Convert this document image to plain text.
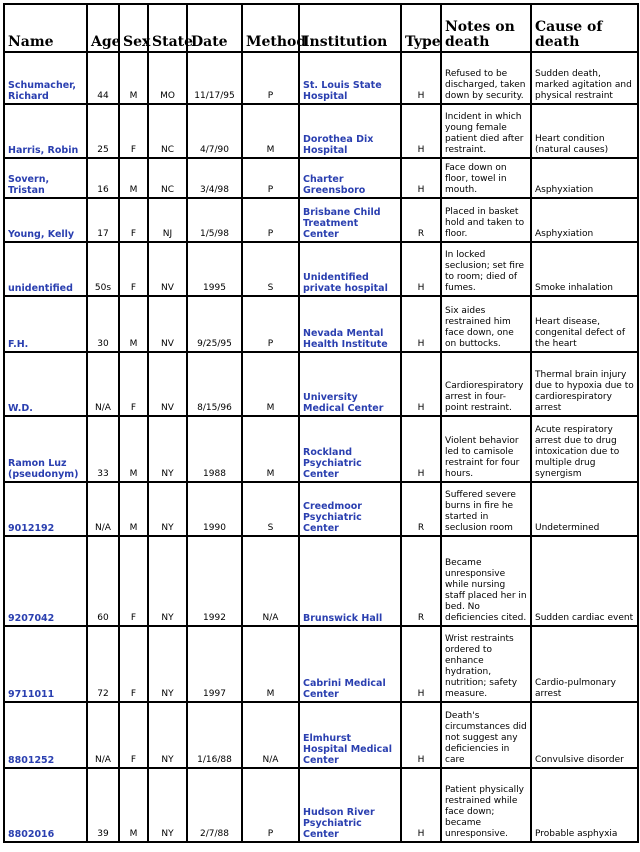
Name	Age	Sex	State	Date	Method	Institution	Type	Notes on death	Cause of death
Schumacher, Richard	44	M	MO	11/17/95	P	St. Louis State Hospital	H	Refused to be discharged, taken down by security.	Sudden death, marked agitation and physical restraint
Harris, Robin	25	F	NC	4/7/90	M	Dorothea Dix Hospital	H	Incident in which young female patient died after restraint.	Heart condition (natural causes)
Sovern, Tristan	16	M	NC	3/4/98	P	Charter Greensboro	H	Face down on floor, towel in mouth.	Asphyxiation
Young, Kelly	17	F	NJ	1/5/98	P	Brisbane Child Treatment Center	R	Placed in basket hold and taken to floor.	Asphyxiation
unidentified	50s	F	NV	1995	S	Unidentified private hospital	H	In locked seclusion; set fire to room; died of fumes.	Smoke inhalation
F.H.	30	M	NV	9/25/95	P	Nevada Mental Health Institute	H	Six aides restrained him face down, one on buttocks.	Heart disease, congenital defect of the heart
W.D.	N/A	F	NV	8/15/96	M	University Medical Center	H	Cardiorespiratory arrest in four-point restraint.	Thermal brain injury due to hypoxia due to cardiorespiratory arrest
Ramon Luz (pseudonym)	33	M	NY	1988	M	Rockland Psychiatric Center	H	Violent behavior led to camisole restraint for four hours.	Acute respiratory arrest due to drug intoxication due to multiple drug synergism
9012192	N/A	M	NY	1990	S	Creedmoor Psychiatric Center	R	Suffered severe burns in fire he started in seclusion room	Undetermined
9207042	60	F	NY	1992	N/A	Brunswick Hall	R	Became unresponsive while nursing staff placed her in bed. No deficiencies cited.	Sudden cardiac event
9711011	72	F	NY	1997	M	Cabrini Medical Center	H	Wrist restraints ordered to enhance hydration, nutrition; safety measure.	Cardio-pulmonary arrest
8801252	N/A	F	NY	1/16/88	N/A	Elmhurst Hospital Medical Center	H	Death's circumstances did not suggest any deficiencies in care	Convulsive disorder
8802016	39	M	NY	2/7/88	P	Hudson River Psychiatric Center	H	Patient physically restrained while face down; became unresponsive.	Probable asphyxia
